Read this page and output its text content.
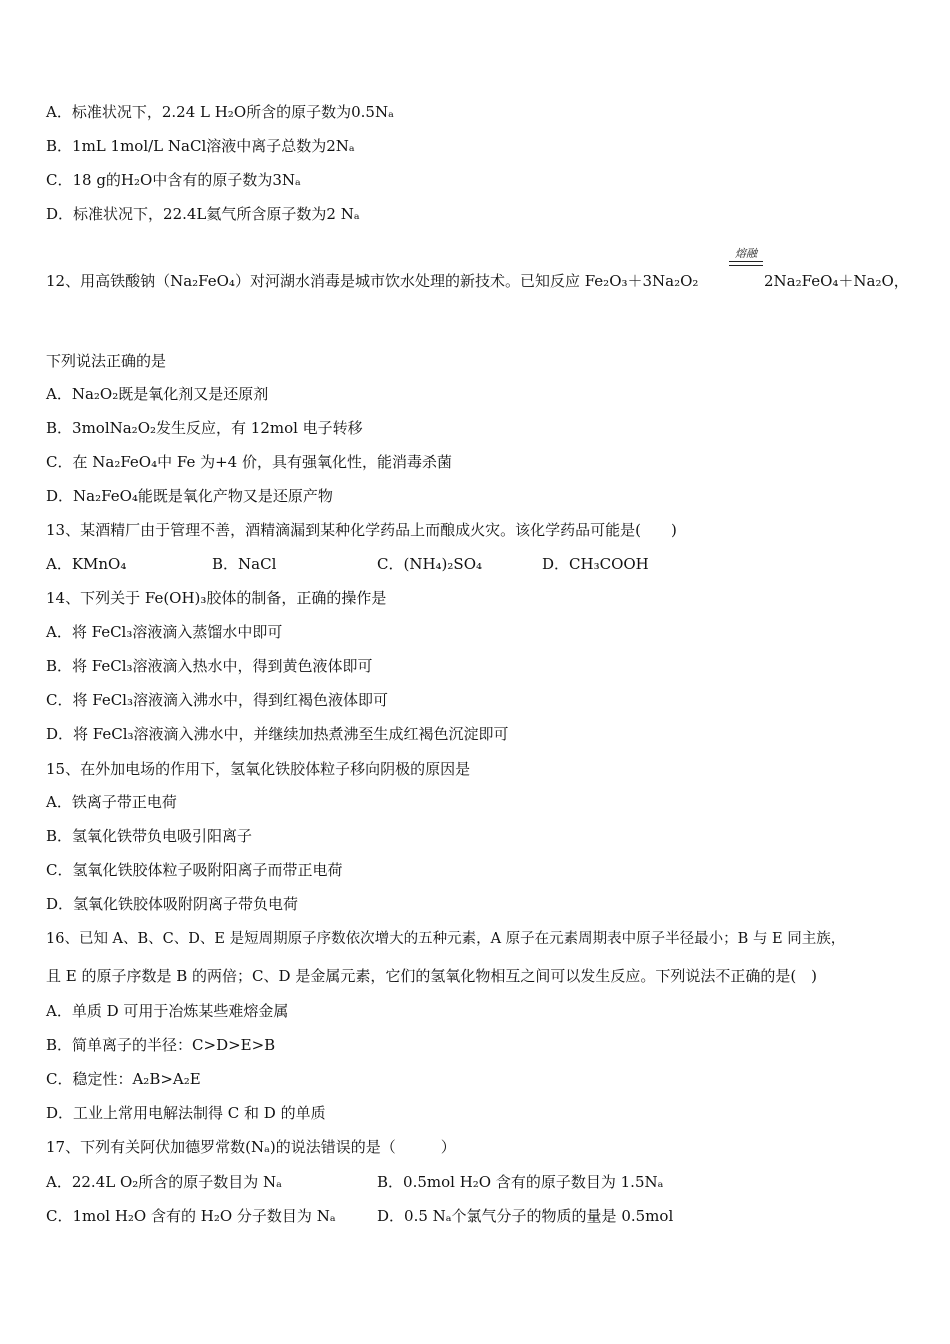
A．标准状况下，2.24 L H₂O所含的原子数为0.5Nₐ
B．1mL 1mol/L NaCl溶液中离子总数为2Nₐ
C．18 g的H₂O中含有的原子数为3Nₐ
D．标准状况下，22.4L氦气所含原子数为2 Nₐ
12、用高铁酸钠（Na₂FeO₄）对河湖水消毒是城市饮水处理的新技术。已知反应 Fe₂O₃＋3Na₂O₂
熔融
2Na₂FeO₄＋Na₂O，
下列说法正确的是
A．Na₂O₂既是氧化剂又是还原剂
B．3molNa₂O₂发生反应，有 12mol 电子转移
C．在 Na₂FeO₄中 Fe 为+4 价，具有强氧化性，能消毒杀菌
D．Na₂FeO₄能既是氧化产物又是还原产物
13、某酒精厂由于管理不善，酒精滴漏到某种化学药品上而酿成火灾。该化学药品可能是(　　)
A．KMnO₄	B．NaCl	C．(NH₄)₂SO₄	D．CH₃COOH
14、下列关于 Fe(OH)₃胶体的制备，正确的操作是
A．将 FeCl₃溶液滴入蒸馏水中即可
B．将 FeCl₃溶液滴入热水中，得到黄色液体即可
C．将 FeCl₃溶液滴入沸水中，得到红褐色液体即可
D．将 FeCl₃溶液滴入沸水中，并继续加热煮沸至生成红褐色沉淀即可
15、在外加电场的作用下，氢氧化铁胶体粒子移向阴极的原因是
A．铁离子带正电荷
B．氢氧化铁带负电吸引阳离子
C．氢氧化铁胶体粒子吸附阳离子而带正电荷
D．氢氧化铁胶体吸附阴离子带负电荷
16、已知 A、B、C、D、E 是短周期原子序数依次增大的五种元素，A 原子在元素周期表中原子半径最小；B 与 E 同主族，
且 E 的原子序数是 B 的两倍；C、D 是金属元素，它们的氢氧化物相互之间可以发生反应。下列说法不正确的是(　)
A．单质 D 可用于冶炼某些难熔金属
B．简单离子的半径：C>D>E>B
C．稳定性：A₂B>A₂E
D．工业上常用电解法制得 C 和 D 的单质
17、下列有关阿伏加德罗常数(Nₐ)的说法错误的是（　　　）
A．22.4L O₂所含的原子数目为 Nₐ	B．0.5mol H₂O 含有的原子数目为 1.5Nₐ
C．1mol H₂O 含有的 H₂O 分子数目为 Nₐ	D．0.5 Nₐ个氯气分子的物质的量是 0.5mol
